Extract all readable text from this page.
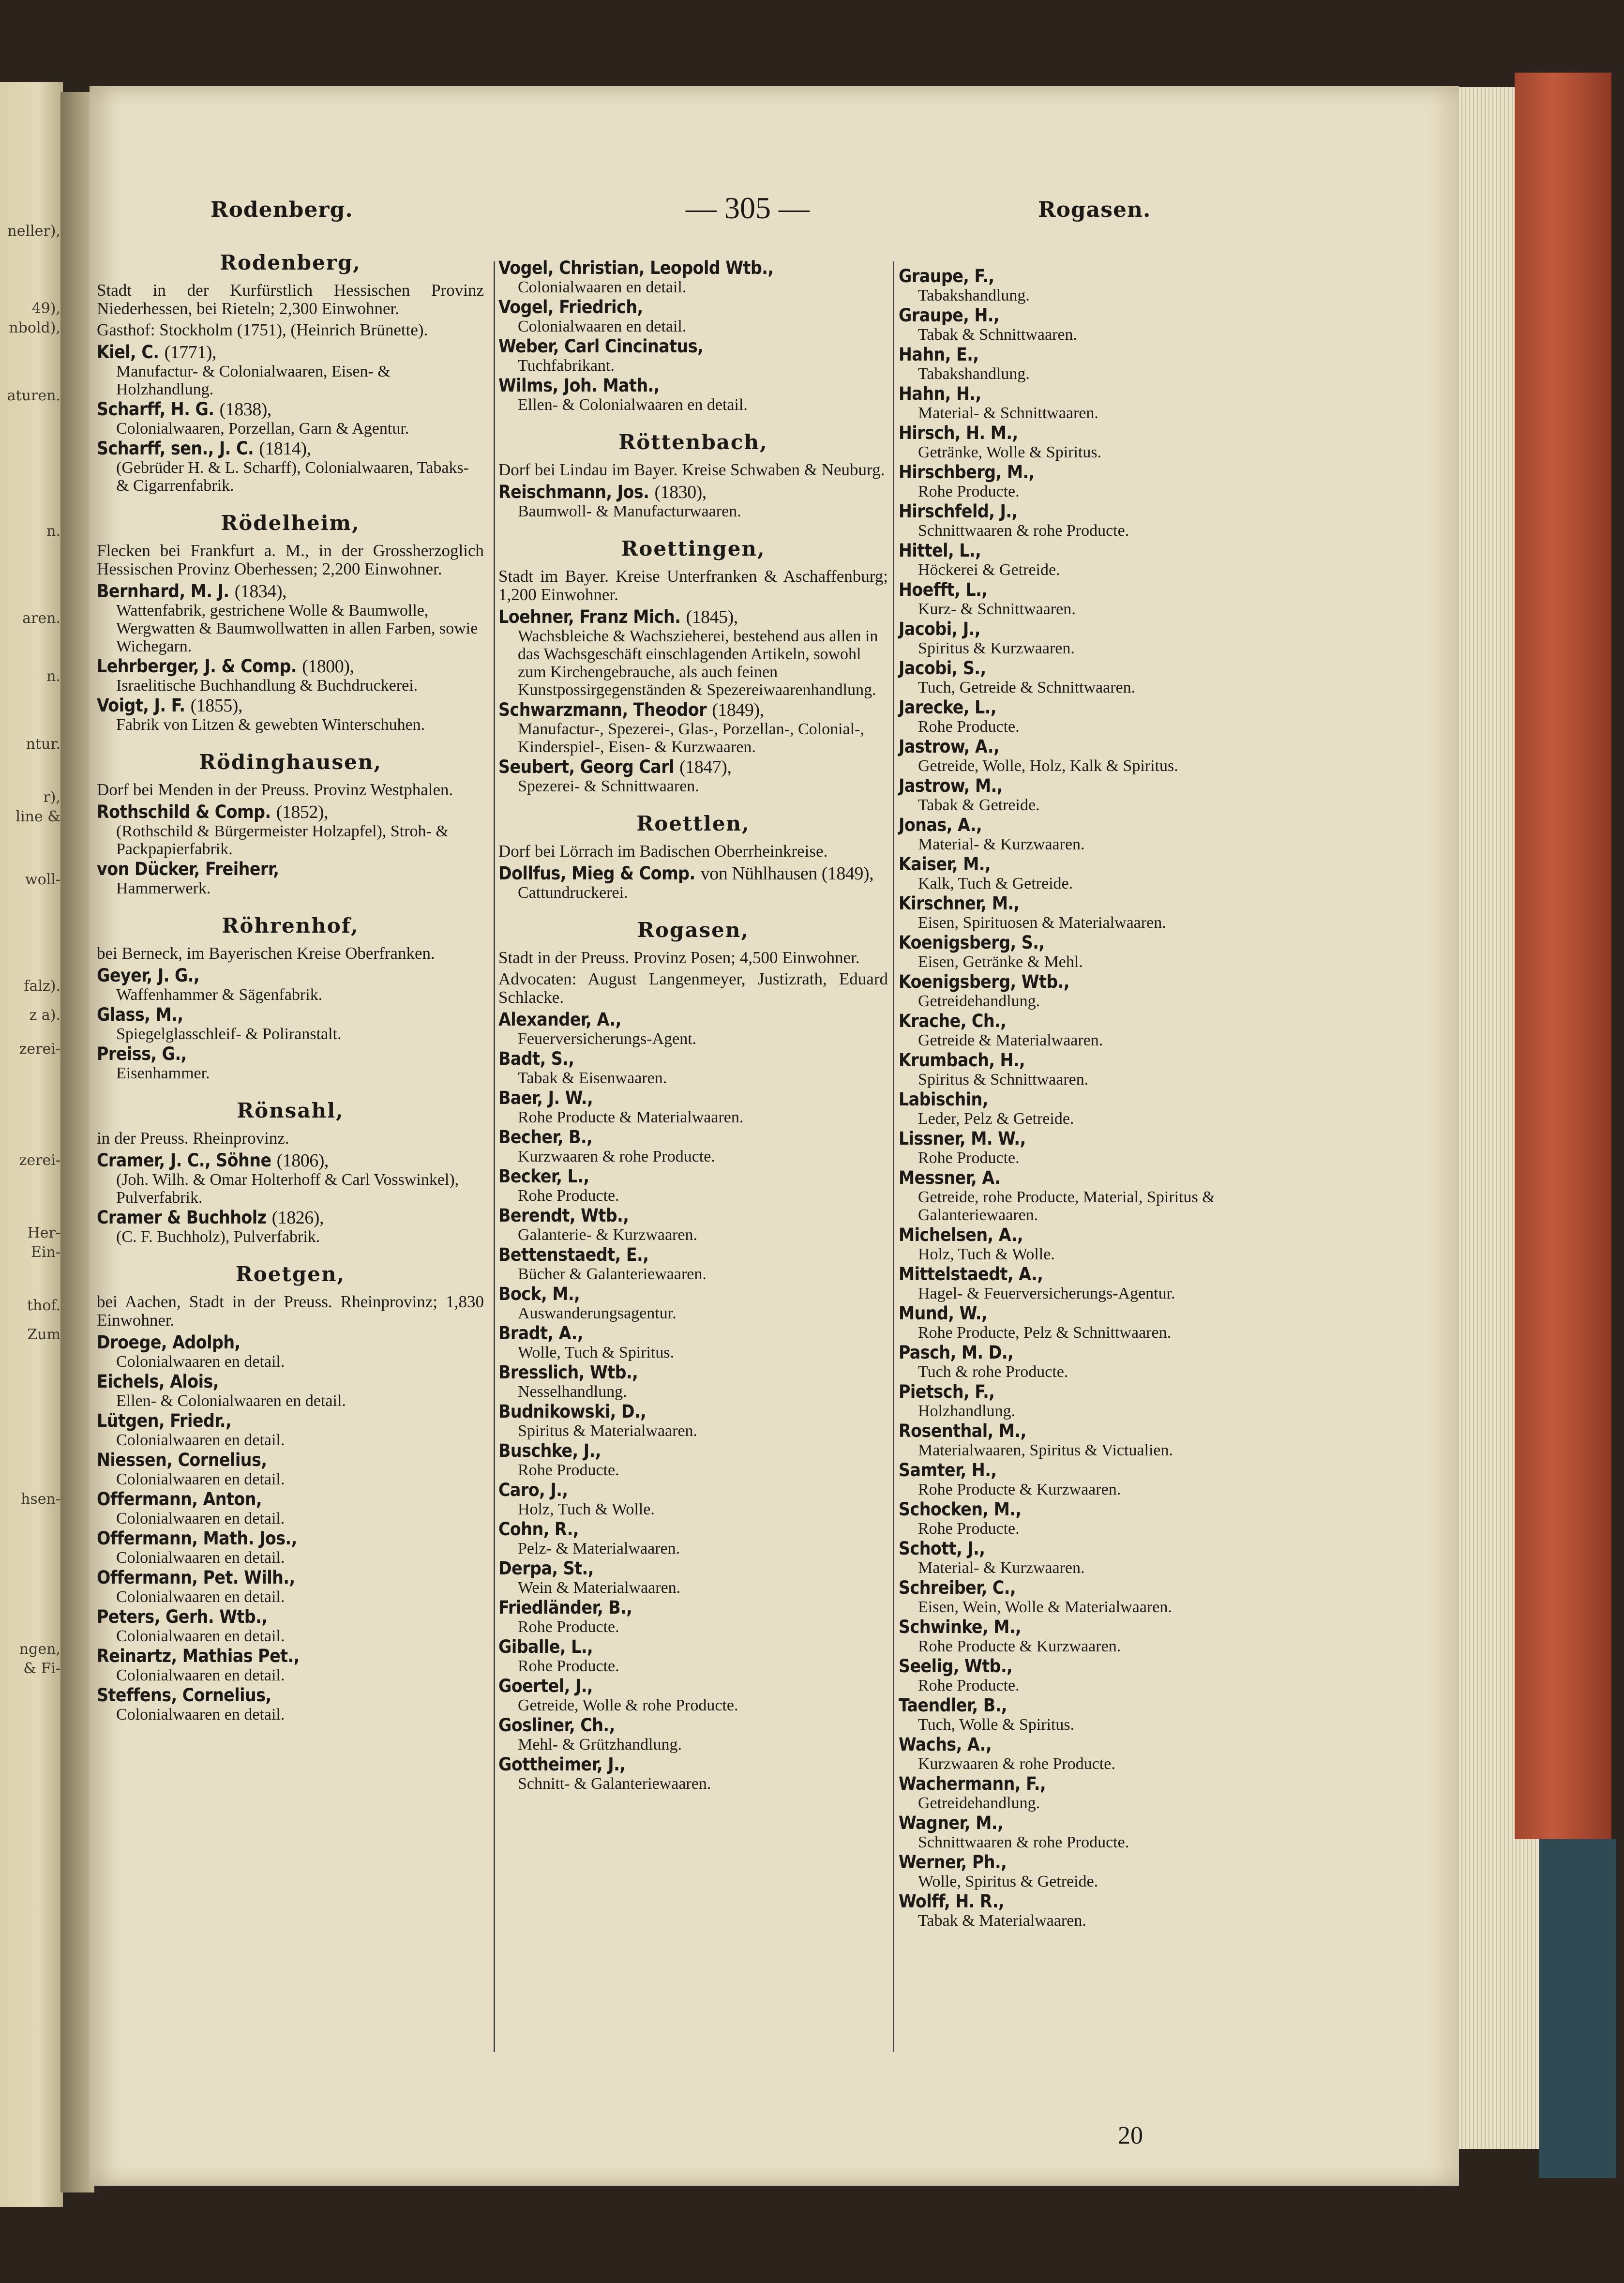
neller),
49),
nbold),
aturen.
n.
aren.
n.
ntur.
r),
line &
woll-
falz).
z a).
zerei-
zerei-
Her-
Ein-
thof.
Zum
hsen-
ngen,
& Fi-
Rodenberg.	— 305 —	Rogasen.
Rodenberg,
Stadt in der Kurfürstlich Hessischen Provinz Niederhessen, bei Rieteln; 2,300 Einwohner.
Gasthof: Stockholm (1751), (Heinrich Brünette).
Kiel, C. (1771),
Manufactur- & Colonialwaaren, Eisen- & Holzhandlung.
Scharff, H. G. (1838),
Colonialwaaren, Porzellan, Garn & Agentur.
Scharff, sen., J. C. (1814),
(Gebrüder H. & L. Scharff), Colonialwaaren, Tabaks- & Cigarrenfabrik.
Rödelheim,
Flecken bei Frankfurt a. M., in der Grossherzoglich Hessischen Provinz Oberhessen; 2,200 Einwohner.
Bernhard, M. J. (1834),
Wattenfabrik, gestrichene Wolle & Baumwolle, Wergwatten & Baumwollwatten in allen Farben, sowie Wichegarn.
Lehrberger, J. & Comp. (1800),
Israelitische Buchhandlung & Buchdruckerei.
Voigt, J. F. (1855),
Fabrik von Litzen & gewebten Winterschuhen.
Rödinghausen,
Dorf bei Menden in der Preuss. Provinz Westphalen.
Rothschild & Comp. (1852),
(Rothschild & Bürgermeister Holzapfel), Stroh- & Packpapierfabrik.
von Dücker, Freiherr,
Hammerwerk.
Röhrenhof,
bei Berneck, im Bayerischen Kreise Oberfranken.
Geyer, J. G.,
Waffenhammer & Sägenfabrik.
Glass, M.,
Spiegelglasschleif- & Poliranstalt.
Preiss, G.,
Eisenhammer.
Rönsahl,
in der Preuss. Rheinprovinz.
Cramer, J. C., Söhne (1806),
(Joh. Wilh. & Omar Holterhoff & Carl Vosswinkel), Pulverfabrik.
Cramer & Buchholz (1826),
(C. F. Buchholz), Pulverfabrik.
Roetgen,
bei Aachen, Stadt in der Preuss. Rheinprovinz; 1,830 Einwohner.
Droege, Adolph,
Colonialwaaren en detail.
Eichels, Alois,
Ellen- & Colonialwaaren en detail.
Lütgen, Friedr.,
Colonialwaaren en detail.
Niessen, Cornelius,
Colonialwaaren en detail.
Offermann, Anton,
Colonialwaaren en detail.
Offermann, Math. Jos.,
Colonialwaaren en detail.
Offermann, Pet. Wilh.,
Colonialwaaren en detail.
Peters, Gerh. Wtb.,
Colonialwaaren en detail.
Reinartz, Mathias Pet.,
Colonialwaaren en detail.
Steffens, Cornelius,
Colonialwaaren en detail.
Vogel, Christian, Leopold Wtb.,
Colonialwaaren en detail.
Vogel, Friedrich,
Colonialwaaren en detail.
Weber, Carl Cincinatus,
Tuchfabrikant.
Wilms, Joh. Math.,
Ellen- & Colonialwaaren en detail.
Röttenbach,
Dorf bei Lindau im Bayer. Kreise Schwaben & Neuburg.
Reischmann, Jos. (1830),
Baumwoll- & Manufacturwaaren.
Roettingen,
Stadt im Bayer. Kreise Unterfranken & Aschaffenburg; 1,200 Einwohner.
Loehner, Franz Mich. (1845),
Wachsbleiche & Wachszieherei, bestehend aus allen in das Wachsgeschäft einschlagenden Artikeln, sowohl zum Kirchengebrauche, als auch feinen Kunstpossirgegenständen & Spezereiwaarenhandlung.
Schwarzmann, Theodor (1849),
Manufactur-, Spezerei-, Glas-, Porzellan-, Colonial-, Kinderspiel-, Eisen- & Kurzwaaren.
Seubert, Georg Carl (1847),
Spezerei- & Schnittwaaren.
Roettlen,
Dorf bei Lörrach im Badischen Oberrheinkreise.
Dollfus, Mieg & Comp. von Nühlhausen (1849),
Cattundruckerei.
Rogasen,
Stadt in der Preuss. Provinz Posen; 4,500 Einwohner.
Advocaten: August Langenmeyer, Justizrath, Eduard Schlacke.
Alexander, A.,
Feuerversicherungs-Agent.
Badt, S.,
Tabak & Eisenwaaren.
Baer, J. W.,
Rohe Producte & Materialwaaren.
Becher, B.,
Kurzwaaren & rohe Producte.
Becker, L.,
Rohe Producte.
Berendt, Wtb.,
Galanterie- & Kurzwaaren.
Bettenstaedt, E.,
Bücher & Galanteriewaaren.
Bock, M.,
Auswanderungsagentur.
Bradt, A.,
Wolle, Tuch & Spiritus.
Bresslich, Wtb.,
Nesselhandlung.
Budnikowski, D.,
Spiritus & Materialwaaren.
Buschke, J.,
Rohe Producte.
Caro, J.,
Holz, Tuch & Wolle.
Cohn, R.,
Pelz- & Materialwaaren.
Derpa, St.,
Wein & Materialwaaren.
Friedländer, B.,
Rohe Producte.
Giballe, L.,
Rohe Producte.
Goertel, J.,
Getreide, Wolle & rohe Producte.
Gosliner, Ch.,
Mehl- & Grützhandlung.
Gottheimer, J.,
Schnitt- & Galanteriewaaren.
Graupe, F.,
Tabakshandlung.
Graupe, H.,
Tabak & Schnittwaaren.
Hahn, E.,
Tabakshandlung.
Hahn, H.,
Material- & Schnittwaaren.
Hirsch, H. M.,
Getränke, Wolle & Spiritus.
Hirschberg, M.,
Rohe Producte.
Hirschfeld, J.,
Schnittwaaren & rohe Producte.
Hittel, L.,
Höckerei & Getreide.
Hoefft, L.,
Kurz- & Schnittwaaren.
Jacobi, J.,
Spiritus & Kurzwaaren.
Jacobi, S.,
Tuch, Getreide & Schnittwaaren.
Jarecke, L.,
Rohe Producte.
Jastrow, A.,
Getreide, Wolle, Holz, Kalk & Spiritus.
Jastrow, M.,
Tabak & Getreide.
Jonas, A.,
Material- & Kurzwaaren.
Kaiser, M.,
Kalk, Tuch & Getreide.
Kirschner, M.,
Eisen, Spirituosen & Materialwaaren.
Koenigsberg, S.,
Eisen, Getränke & Mehl.
Koenigsberg, Wtb.,
Getreidehandlung.
Krache, Ch.,
Getreide & Materialwaaren.
Krumbach, H.,
Spiritus & Schnittwaaren.
Labischin,
Leder, Pelz & Getreide.
Lissner, M. W.,
Rohe Producte.
Messner, A.
Getreide, rohe Producte, Material, Spiritus & Galanteriewaaren.
Michelsen, A.,
Holz, Tuch & Wolle.
Mittelstaedt, A.,
Hagel- & Feuerversicherungs-Agentur.
Mund, W.,
Rohe Producte, Pelz & Schnittwaaren.
Pasch, M. D.,
Tuch & rohe Producte.
Pietsch, F.,
Holzhandlung.
Rosenthal, M.,
Materialwaaren, Spiritus & Victualien.
Samter, H.,
Rohe Producte & Kurzwaaren.
Schocken, M.,
Rohe Producte.
Schott, J.,
Material- & Kurzwaaren.
Schreiber, C.,
Eisen, Wein, Wolle & Materialwaaren.
Schwinke, M.,
Rohe Producte & Kurzwaaren.
Seelig, Wtb.,
Rohe Producte.
Taendler, B.,
Tuch, Wolle & Spiritus.
Wachs, A.,
Kurzwaaren & rohe Producte.
Wachermann, F.,
Getreidehandlung.
Wagner, M.,
Schnittwaaren & rohe Producte.
Werner, Ph.,
Wolle, Spiritus & Getreide.
Wolff, H. R.,
Tabak & Materialwaaren.
20
